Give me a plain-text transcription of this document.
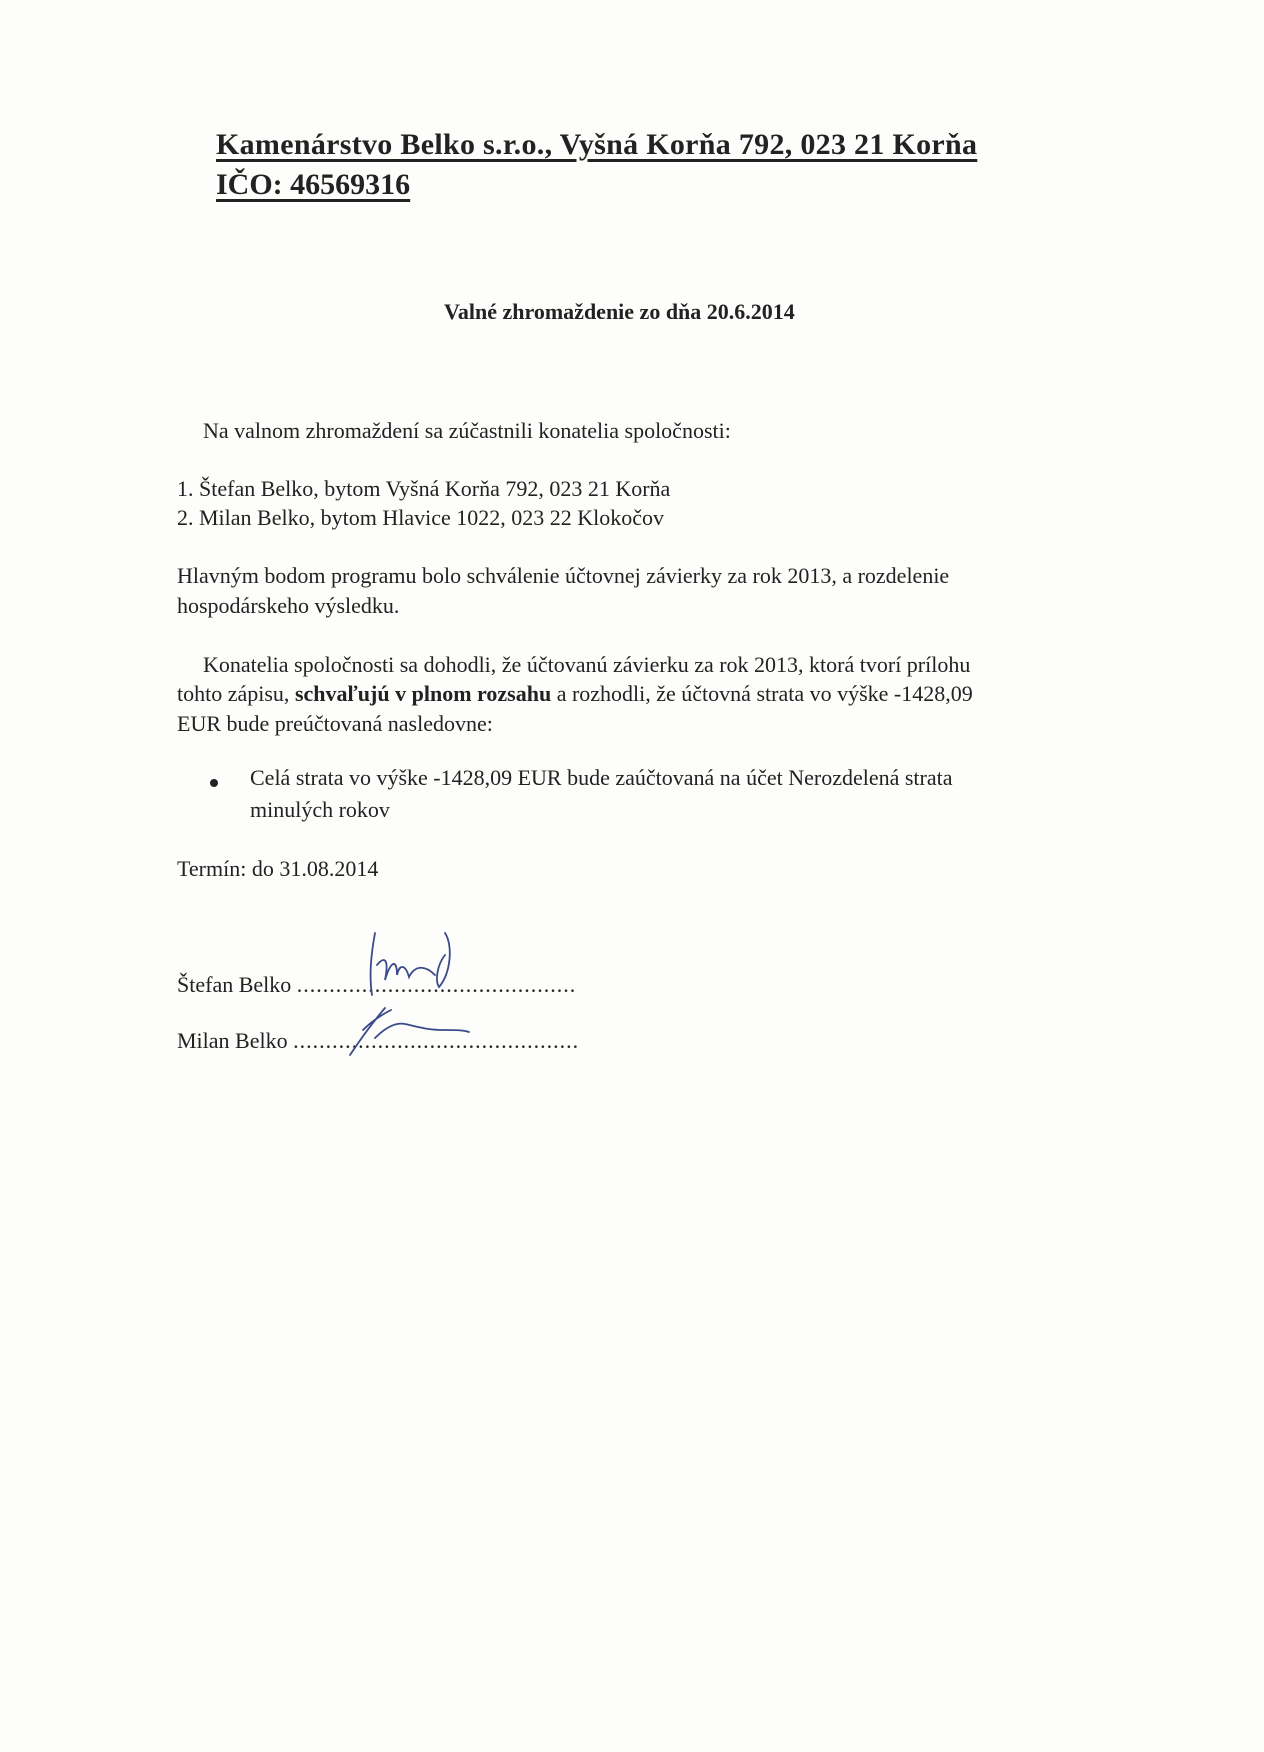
Kamenárstvo Belko s.r.o., Vyšná Korňa 792, 023 21 Korňa
IČO: 46569316
Valné zhromaždenie zo dňa 20.6.2014
Na valnom zhromaždení sa zúčastnili konatelia spoločnosti:
1. Štefan Belko, bytom Vyšná Korňa 792, 023 21 Korňa
2. Milan Belko, bytom Hlavice 1022, 023 22 Klokočov
Hlavným bodom programu bolo schválenie účtovnej závierky za rok 2013, a rozdelenie
hospodárskeho výsledku.
Konatelia spoločnosti sa dohodli, že účtovanú závierku za rok 2013, ktorá tvorí prílohu
tohto zápisu, schvaľujú v plnom rozsahu a rozhodli, že účtovná strata vo výške -1428,09
EUR bude preúčtovaná nasledovne:
Celá strata vo výške -1428,09 EUR bude zaúčtovaná na účet Nerozdelená strata
minulých rokov
Termín: do 31.08.2014
Štefan Belko ...........................................
Milan Belko ............................................
